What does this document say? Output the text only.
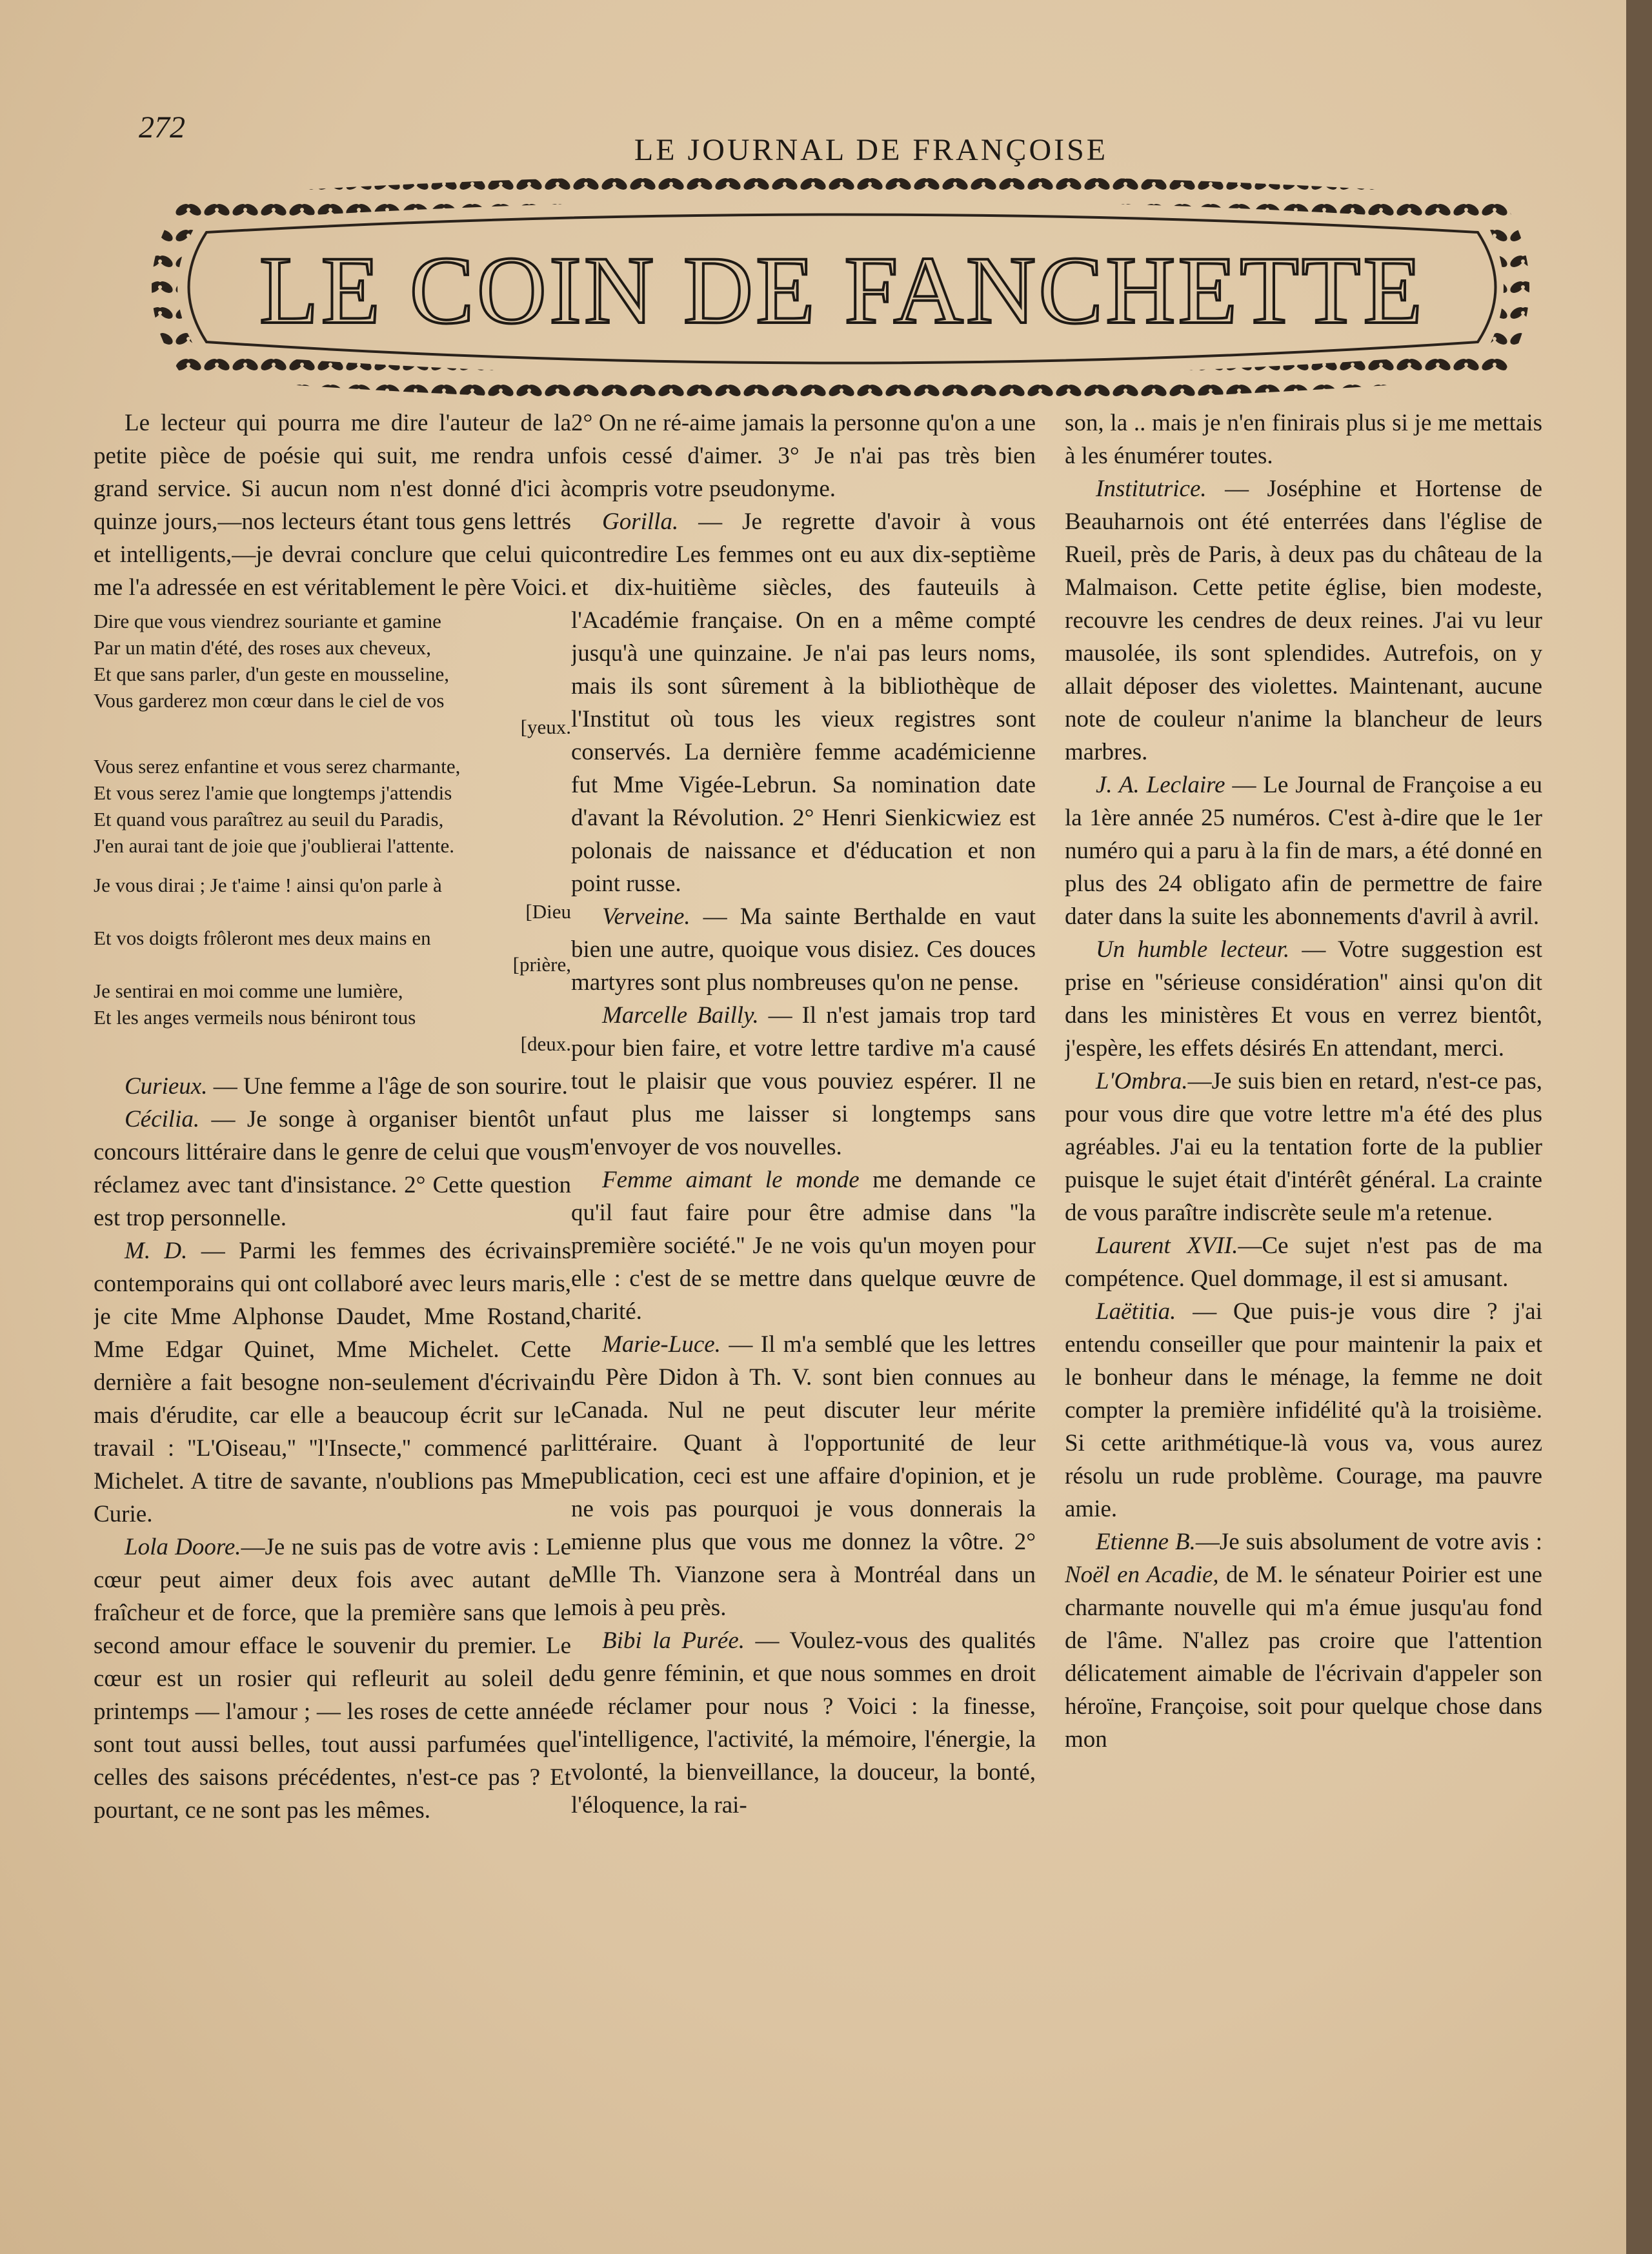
272
LE JOURNAL DE FRANÇOISE
LE COIN DE FANCHETTE

Le lecteur qui pourra me dire l'auteur de la petite pièce de poésie qui suit, me rendra un grand service. Si aucun nom n'est donné d'ici à quinze jours,—nos lecteurs étant tous gens lettrés et intelligents,—je devrai conclure que celui qui me l'a adressée en est véritablement le père Voici.

Dire que vous viendrez souriante et gamine
Par un matin d'été, des roses aux cheveux,
Et que sans parler, d'un geste en mousseline,
Vous garderez mon cœur dans le ciel de vos
[yeux.
Vous serez enfantine et vous serez charmante,
Et vous serez l'amie que longtemps j'attendis
Et quand vous paraîtrez au seuil du Paradis,
J'en aurai tant de joie que j'oublierai l'attente.
Je vous dirai ; Je t'aime ! ainsi qu'on parle à
[Dieu
Et vos doigts frôleront mes deux mains en
[prière,
Je sentirai en moi comme une lumière,
Et les anges vermeils nous béniront tous
[deux.

Curieux. — Une femme a l'âge de son sourire.

Cécilia. — Je songe à organiser bientôt un concours littéraire dans le genre de celui que vous réclamez avec tant d'insistance. 2° Cette question est trop personnelle.

M. D. — Parmi les femmes des écrivains contemporains qui ont collaboré avec leurs maris, je cite Mme Alphonse Daudet, Mme Rostand, Mme Edgar Quinet, Mme Michelet. Cette dernière a fait besogne non-seulement d'écrivain mais d'érudite, car elle a beaucoup écrit sur le travail : ''L'Oiseau,'' ''l'Insecte,'' commencé par Michelet. A titre de savante, n'oublions pas Mme Curie.

Lola Doore.—Je ne suis pas de votre avis : Le cœur peut aimer deux fois avec autant de fraîcheur et de force, que la première sans que le second amour efface le souvenir du premier. Le cœur est un rosier qui refleurit au soleil de printemps — l'amour ; — les roses de cette année sont tout aussi belles, tout aussi parfumées que celles des saisons précédentes, n'est-ce pas ? Et pourtant, ce ne sont pas les mêmes.

2° On ne ré-aime jamais la personne qu'on a une fois cessé d'aimer. 3° Je n'ai pas très bien compris votre pseudonyme.

Gorilla. — Je regrette d'avoir à vous contredire Les femmes ont eu aux dix-septième et dix-huitième siècles, des fauteuils à l'Académie française. On en a même compté jusqu'à une quinzaine. Je n'ai pas leurs noms, mais ils sont sûrement à la bibliothèque de l'Institut où tous les vieux registres sont conservés. La dernière femme académicienne fut Mme Vigée-Lebrun. Sa nomination date d'avant la Révolution. 2° Henri Sienkicwiez est polonais de naissance et d'éducation et non point russe.

Verveine. — Ma sainte Berthalde en vaut bien une autre, quoique vous disiez. Ces douces martyres sont plus nombreuses qu'on ne pense.

Marcelle Bailly. — Il n'est jamais trop tard pour bien faire, et votre lettre tardive m'a causé tout le plaisir que vous pouviez espérer. Il ne faut plus me laisser si longtemps sans m'envoyer de vos nouvelles.

Femme aimant le monde me demande ce qu'il faut faire pour être admise dans ''la première société.'' Je ne vois qu'un moyen pour elle : c'est de se mettre dans quelque œuvre de charité.

Marie-Luce. — Il m'a semblé que les lettres du Père Didon à Th. V. sont bien connues au Canada. Nul ne peut discuter leur mérite littéraire. Quant à l'opportunité de leur publication, ceci est une affaire d'opinion, et je ne vois pas pourquoi je vous donnerais la mienne plus que vous me donnez la vôtre. 2° Mlle Th. Vianzone sera à Montréal dans un mois à peu près.

Bibi la Purée. — Voulez-vous des qualités du genre féminin, et que nous sommes en droit de réclamer pour nous ? Voici : la finesse, l'intelligence, l'activité, la mémoire, l'énergie, la volonté, la bienveillance, la douceur, la bonté, l'éloquence, la rai-

son, la .. mais je n'en finirais plus si je me mettais à les énumérer toutes.

Institutrice. — Joséphine et Hortense de Beauharnois ont été enterrées dans l'église de Rueil, près de Paris, à deux pas du château de la Malmaison. Cette petite église, bien modeste, recouvre les cendres de deux reines. J'ai vu leur mausolée, ils sont splendides. Autrefois, on y allait déposer des violettes. Maintenant, aucune note de couleur n'anime la blancheur de leurs marbres.

J. A. Leclaire — Le Journal de Françoise a eu la 1ère année 25 numéros. C'est à-dire que le 1er numéro qui a paru à la fin de mars, a été donné en plus des 24 obligato afin de permettre de faire dater dans la suite les abonnements d'avril à avril.

Un humble lecteur. — Votre suggestion est prise en ''sérieuse considération'' ainsi qu'on dit dans les ministères Et vous en verrez bientôt, j'espère, les effets désirés En attendant, merci.

L'Ombra.—Je suis bien en retard, n'est-ce pas, pour vous dire que votre lettre m'a été des plus agréables. J'ai eu la tentation forte de la publier puisque le sujet était d'intérêt général. La crainte de vous paraître indiscrète seule m'a retenue.

Laurent XVII.—Ce sujet n'est pas de ma compétence. Quel dommage, il est si amusant.

Laëtitia. — Que puis-je vous dire ? j'ai entendu conseiller que pour maintenir la paix et le bonheur dans le ménage, la femme ne doit compter la première infidélité qu'à la troisième. Si cette arithmétique-là vous va, vous aurez résolu un rude problème. Courage, ma pauvre amie.

Etienne B.—Je suis absolument de votre avis : Noël en Acadie, de M. le sénateur Poirier est une charmante nouvelle qui m'a émue jusqu'au fond de l'âme. N'allez pas croire que l'attention délicatement aimable de l'écrivain d'appeler son héroïne, Françoise, soit pour quelque chose dans mon
